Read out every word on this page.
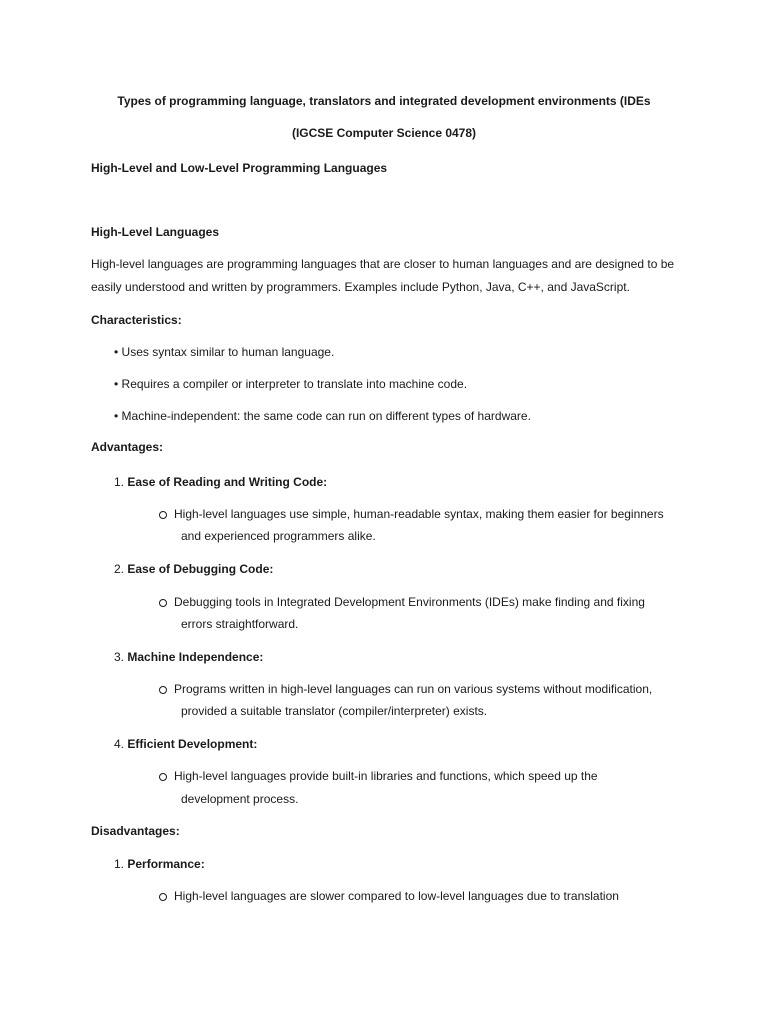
Types of programming language, translators and integrated development environments (IDEs
(IGCSE Computer Science 0478)
High-Level and Low-Level Programming Languages
High-Level Languages
High-level languages are programming languages that are closer to human languages and are designed to be
easily understood and written by programmers. Examples include Python, Java, C++, and JavaScript.
Characteristics:
• Uses syntax similar to human language.
• Requires a compiler or interpreter to translate into machine code.
• Machine-independent: the same code can run on different types of hardware.
Advantages:
1. Ease of Reading and Writing Code:
High-level languages use simple, human-readable syntax, making them easier for beginners
and experienced programmers alike.
2. Ease of Debugging Code:
Debugging tools in Integrated Development Environments (IDEs) make finding and fixing
errors straightforward.
3. Machine Independence:
Programs written in high-level languages can run on various systems without modification,
provided a suitable translator (compiler/interpreter) exists.
4. Efficient Development:
High-level languages provide built-in libraries and functions, which speed up the
development process.
Disadvantages:
1. Performance:
High-level languages are slower compared to low-level languages due to translation
